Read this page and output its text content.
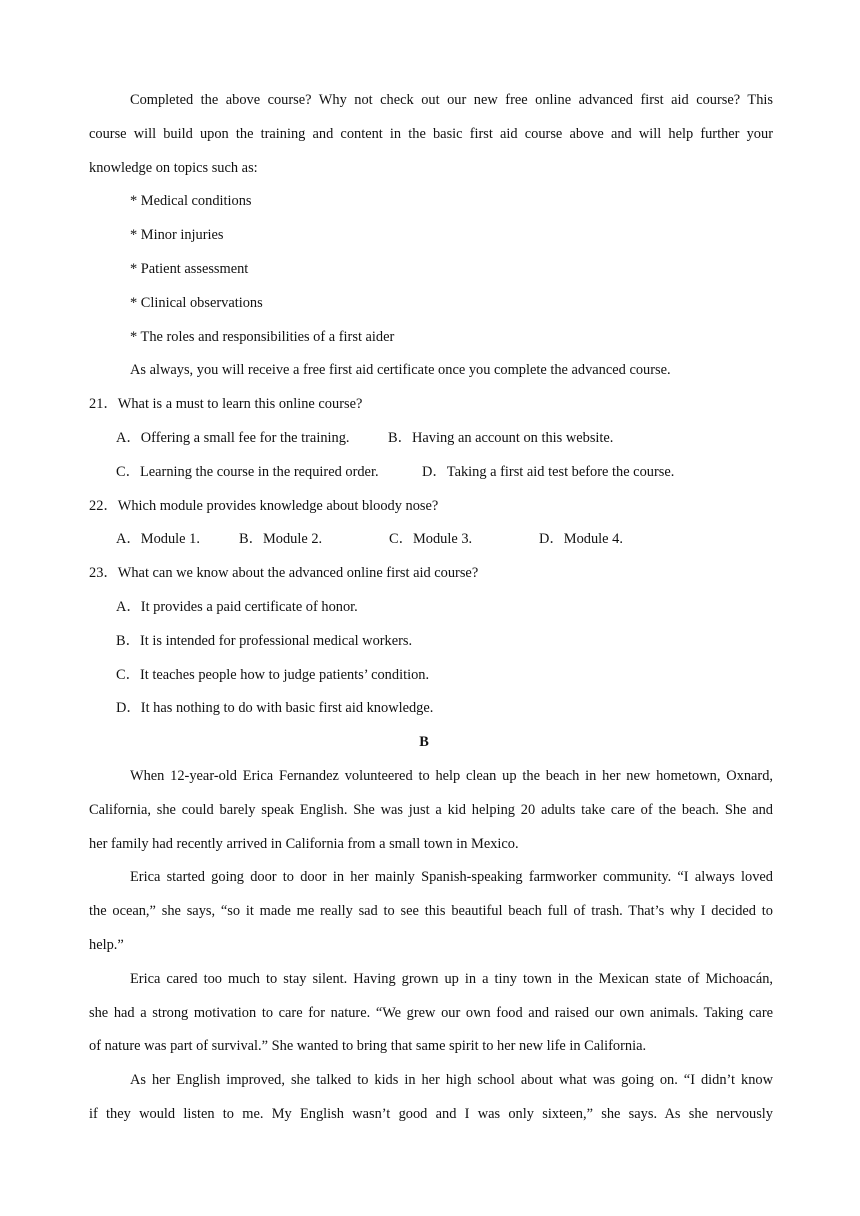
Completed the above course? Why not check out our new free online advanced first aid course? This
course will build upon the training and content in the basic first aid course above and will help further your
knowledge on topics such as:
* Medical conditions
* Minor injuries
* Patient assessment
* Clinical observations
* The roles and responsibilities of a first aider
As always, you will receive a free first aid certificate once you complete the advanced course.
21．What is a must to learn this online course?
A．Offering a small fee for the training.	B．Having an account on this website.
C．Learning the course in the required order.	D．Taking a first aid test before the course.
22．Which module provides knowledge about bloody nose?
A．Module 1.	B．Module 2.	C．Module 3.	D．Module 4.
23．What can we know about the advanced online first aid course?
A．It provides a paid certificate of honor.
B．It is intended for professional medical workers.
C．It teaches people how to judge patients’ condition.
D．It has nothing to do with basic first aid knowledge.
B
When 12-year-old Erica Fernandez volunteered to help clean up the beach in her new hometown, Oxnard,
California, she could barely speak English. She was just a kid helping 20 adults take care of the beach. She and
her family had recently arrived in California from a small town in Mexico.
Erica started going door to door in her mainly Spanish-speaking farmworker community. “I always loved
the ocean,” she says, “so it made me really sad to see this beautiful beach full of trash. That’s why I decided to
help.”
Erica cared too much to stay silent. Having grown up in a tiny town in the Mexican state of Michoacán,
she had a strong motivation to care for nature. “We grew our own food and raised our own animals. Taking care
of nature was part of survival.” She wanted to bring that same spirit to her new life in California.
As her English improved, she talked to kids in her high school about what was going on. “I didn’t know
if they would listen to me. My English wasn’t good and I was only sixteen,” she says. As she nervously
